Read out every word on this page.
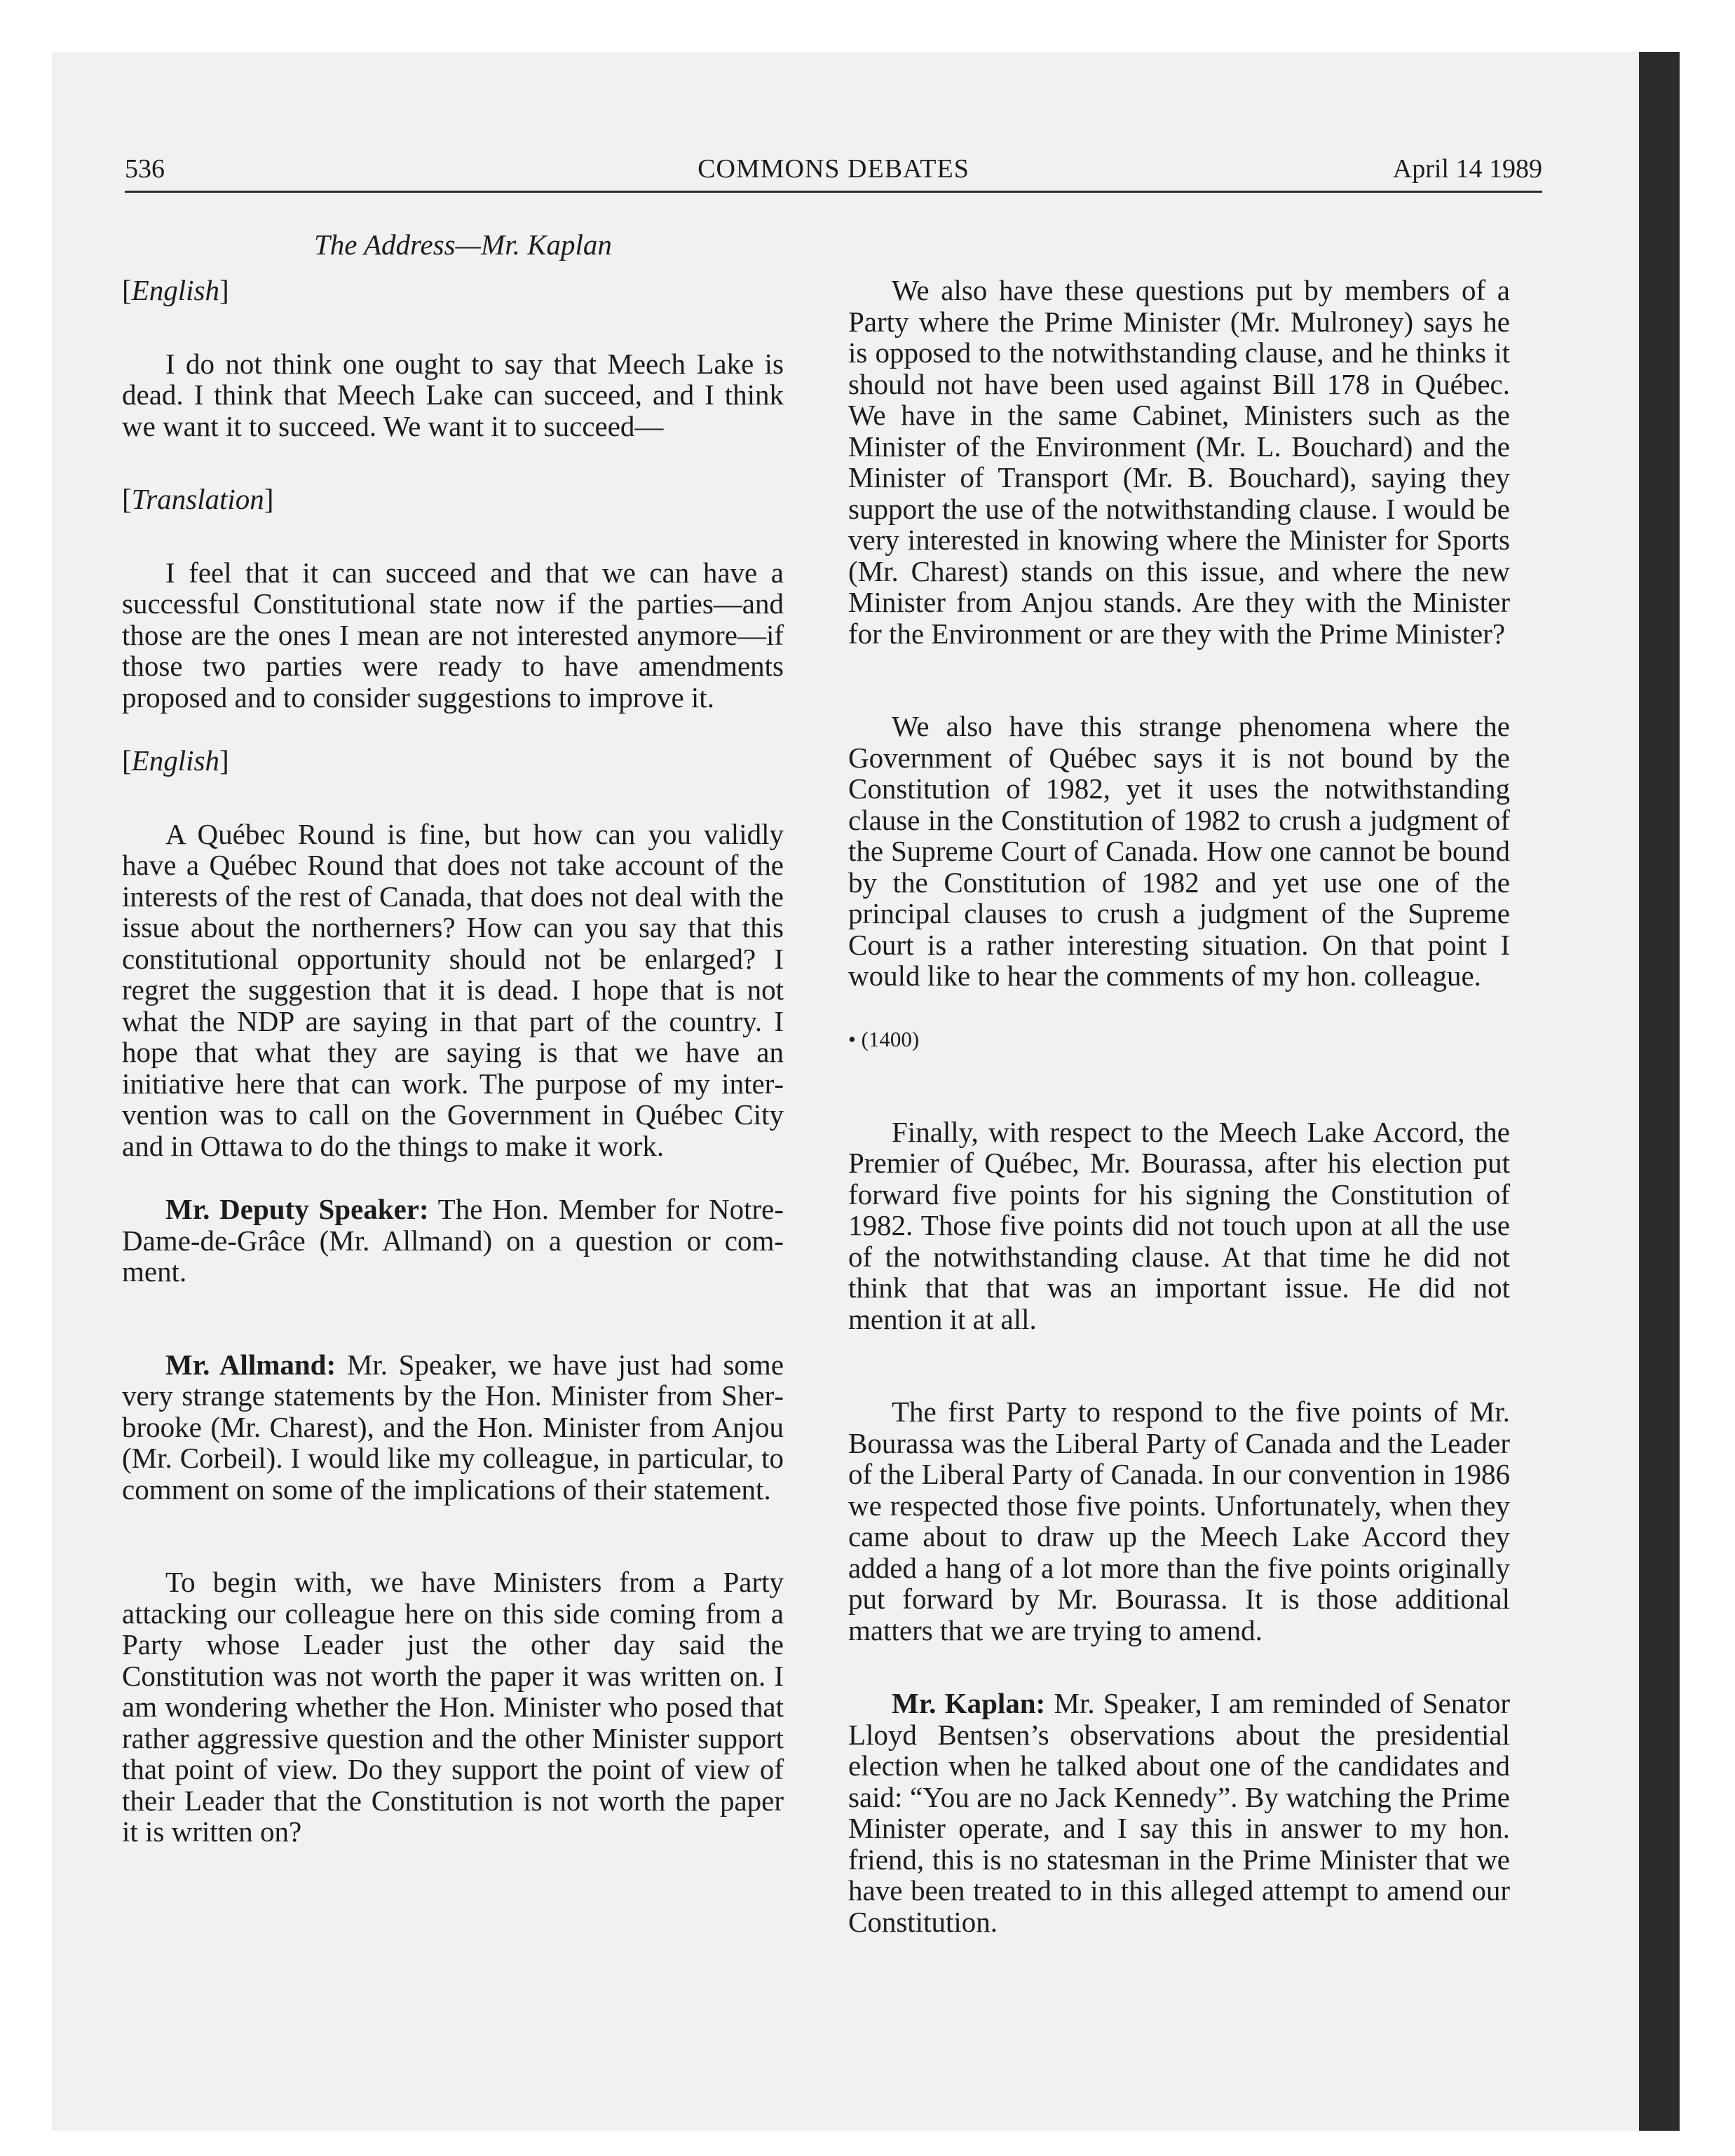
536	COMMONS DEBATES	April 14 1989
The Address—Mr. Kaplan

[English]

I do not think one ought to say that Meech Lake is dead. I think that Meech Lake can succeed, and I think we want it to succeed. We want it to succeed—

[Translation]

I feel that it can succeed and that we can have a successful Constitutional state now if the parties—and those are the ones I mean are not interested anymore—if those two parties were ready to have amendments proposed and to consider suggestions to improve it.

[English]

A Québec Round is fine, but how can you validly have a Québec Round that does not take account of the interests of the rest of Canada, that does not deal with the issue about the northerners? How can you say that this constitutional opportunity should not be enlarged? I regret the suggestion that it is dead. I hope that is not what the NDP are saying in that part of the country. I hope that what they are saying is that we have an initiative here that can work. The purpose of my intervention was to call on the Government in Québec City and in Ottawa to do the things to make it work.

Mr. Deputy Speaker: The Hon. Member for Notre-Dame-de-Grâce (Mr. Allmand) on a question or comment.

Mr. Allmand: Mr. Speaker, we have just had some very strange statements by the Hon. Minister from Sherbrooke (Mr. Charest), and the Hon. Minister from Anjou (Mr. Corbeil). I would like my colleague, in particular, to comment on some of the implications of their statement.

To begin with, we have Ministers from a Party attacking our colleague here on this side coming from a Party whose Leader just the other day said the Constitution was not worth the paper it was written on. I am wondering whether the Hon. Minister who posed that rather aggressive question and the other Minister support that point of view. Do they support the point of view of their Leader that the Constitution is not worth the paper it is written on?

We also have these questions put by members of a Party where the Prime Minister (Mr. Mulroney) says he is opposed to the notwithstanding clause, and he thinks it should not have been used against Bill 178 in Québec. We have in the same Cabinet, Ministers such as the Minister of the Environment (Mr. L. Bouchard) and the Minister of Transport (Mr. B. Bouchard), saying they support the use of the notwithstanding clause. I would be very interested in knowing where the Minister for Sports (Mr. Charest) stands on this issue, and where the new Minister from Anjou stands. Are they with the Minister for the Environment or are they with the Prime Minister?

We also have this strange phenomena where the Government of Québec says it is not bound by the Constitution of 1982, yet it uses the notwithstanding clause in the Constitution of 1982 to crush a judgment of the Supreme Court of Canada. How one cannot be bound by the Constitution of 1982 and yet use one of the principal clauses to crush a judgment of the Supreme Court is a rather interesting situation. On that point I would like to hear the comments of my hon. colleague.

• (1400)

Finally, with respect to the Meech Lake Accord, the Premier of Québec, Mr. Bourassa, after his election put forward five points for his signing the Constitution of 1982. Those five points did not touch upon at all the use of the notwithstanding clause. At that time he did not think that that was an important issue. He did not mention it at all.

The first Party to respond to the five points of Mr. Bourassa was the Liberal Party of Canada and the Leader of the Liberal Party of Canada. In our convention in 1986 we respected those five points. Unfortunately, when they came about to draw up the Meech Lake Accord they added a hang of a lot more than the five points originally put forward by Mr. Bourassa. It is those additional matters that we are trying to amend.

Mr. Kaplan: Mr. Speaker, I am reminded of Senator Lloyd Bentsen’s observations about the presidential election when he talked about one of the candidates and said: “You are no Jack Kennedy”. By watching the Prime Minister operate, and I say this in answer to my hon. friend, this is no statesman in the Prime Minister that we have been treated to in this alleged attempt to amend our Constitution.
